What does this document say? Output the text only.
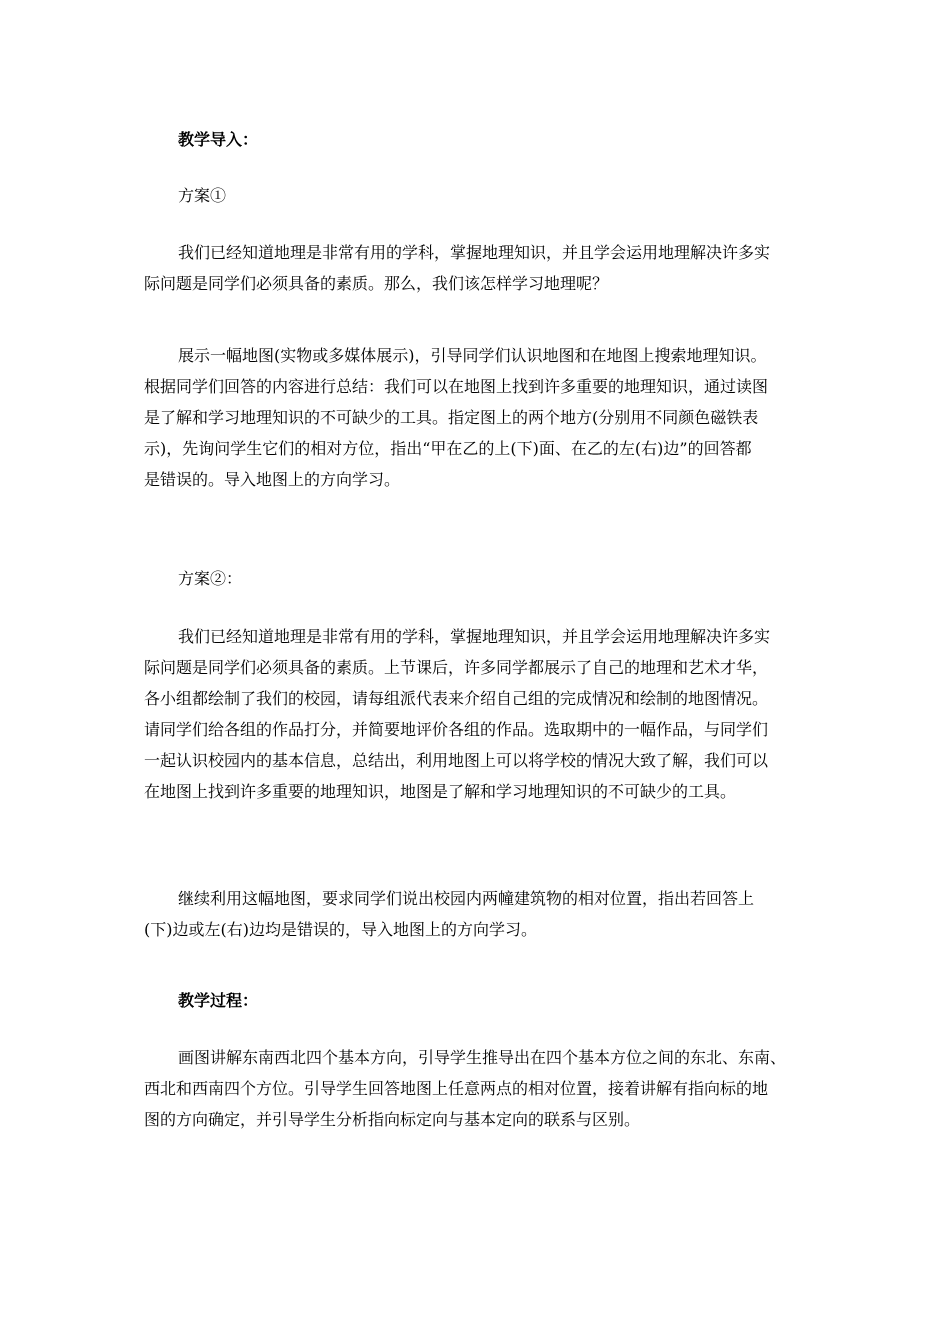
教学导入：
方案①
我们已经知道地理是非常有用的学科，掌握地理知识，并且学会运用地理解决许多实
际问题是同学们必须具备的素质。那么，我们该怎样学习地理呢？
展示一幅地图(实物或多媒体展示)，引导同学们认识地图和在地图上搜索地理知识。
根据同学们回答的内容进行总结：我们可以在地图上找到许多重要的地理知识，通过读图
是了解和学习地理知识的不可缺少的工具。指定图上的两个地方(分别用不同颜色磁铁表
示)，先询问学生它们的相对方位，指出“甲在乙的上(下)面、在乙的左(右)边”的回答都
是错误的。导入地图上的方向学习。
方案②：
我们已经知道地理是非常有用的学科，掌握地理知识，并且学会运用地理解决许多实
际问题是同学们必须具备的素质。上节课后，许多同学都展示了自己的地理和艺术才华，
各小组都绘制了我们的校园，请每组派代表来介绍自己组的完成情况和绘制的地图情况。
请同学们给各组的作品打分，并简要地评价各组的作品。选取期中的一幅作品，与同学们
一起认识校园内的基本信息，总结出，利用地图上可以将学校的情况大致了解，我们可以
在地图上找到许多重要的地理知识，地图是了解和学习地理知识的不可缺少的工具。
继续利用这幅地图，要求同学们说出校园内两幢建筑物的相对位置，指出若回答上
(下)边或左(右)边均是错误的，导入地图上的方向学习。
教学过程：
画图讲解东南西北四个基本方向，引导学生推导出在四个基本方位之间的东北、东南、
西北和西南四个方位。引导学生回答地图上任意两点的相对位置，接着讲解有指向标的地
图的方向确定，并引导学生分析指向标定向与基本定向的联系与区别。
